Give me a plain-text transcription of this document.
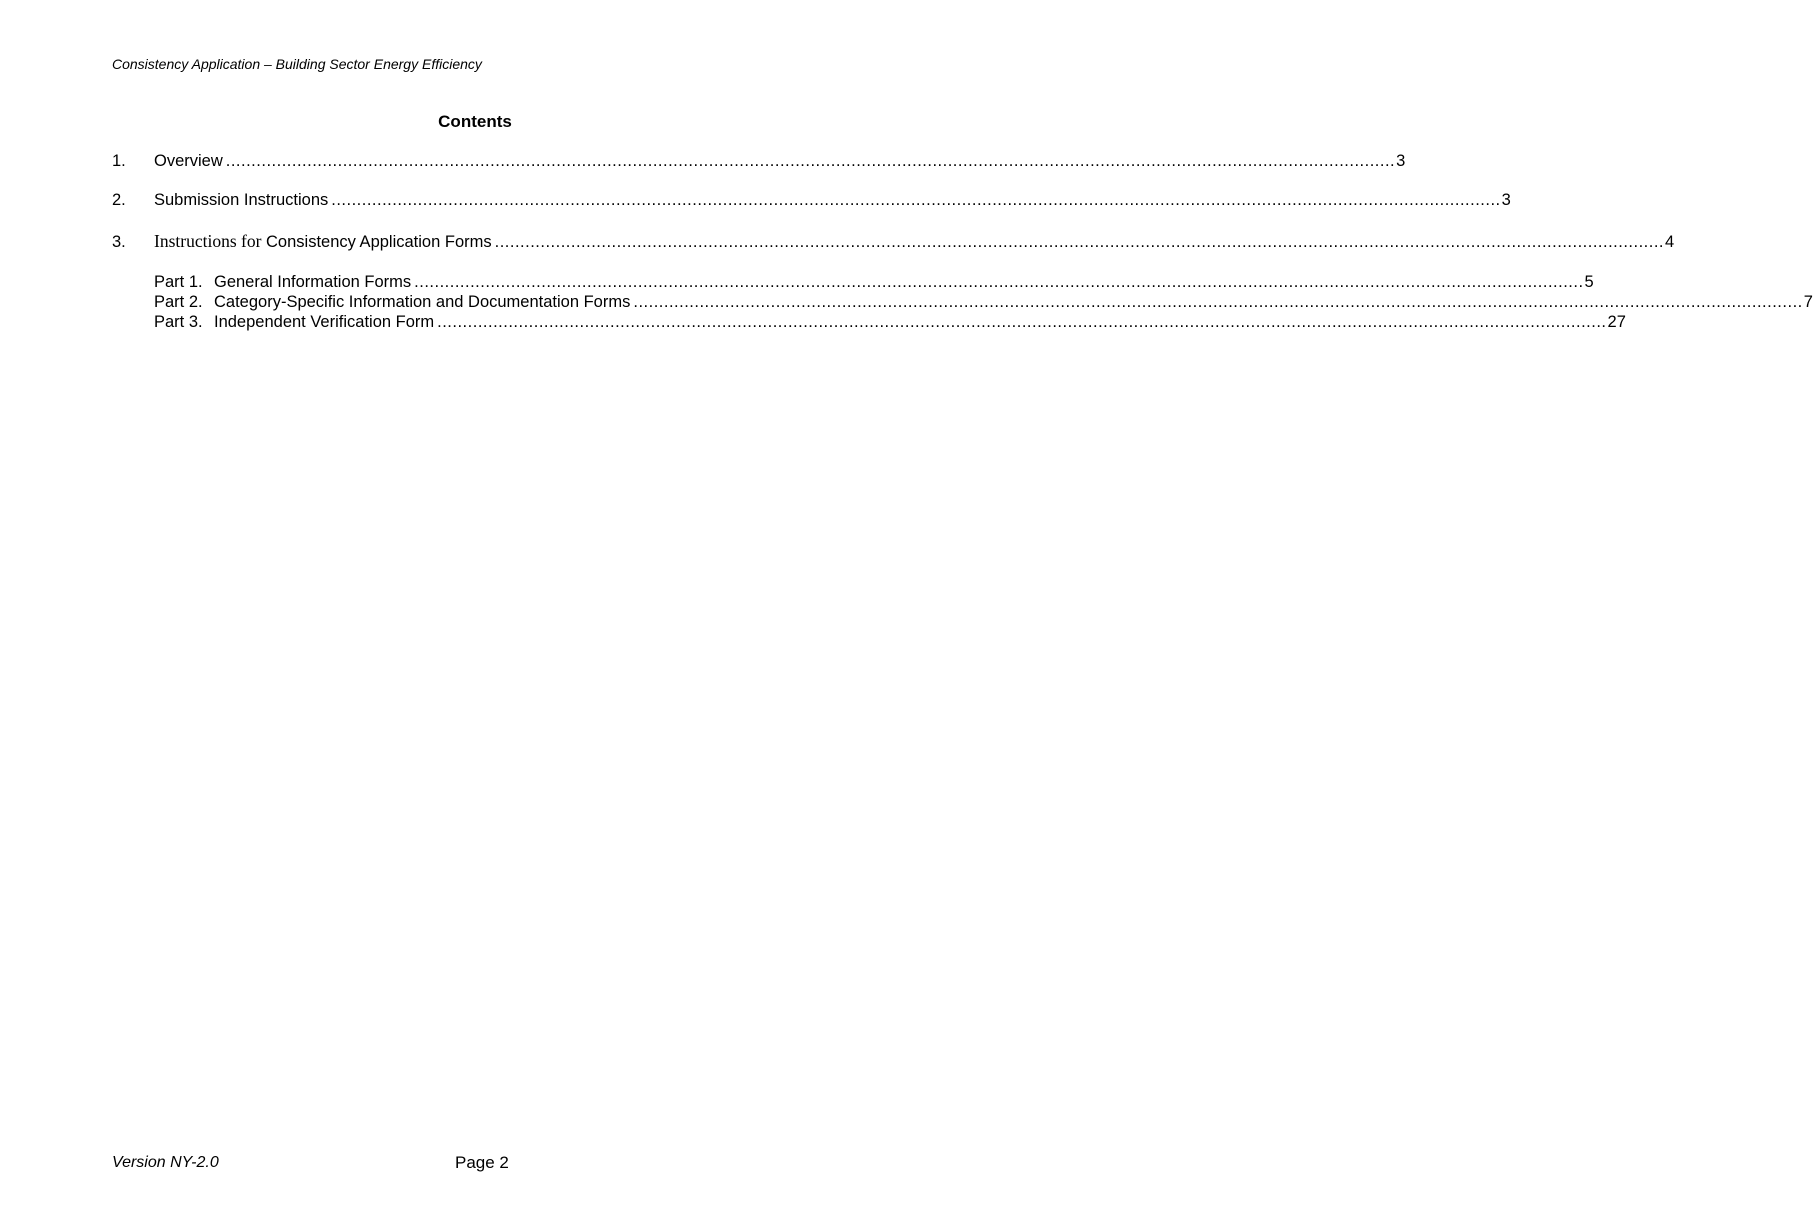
Consistency Application – Building Sector Energy Efficiency
Contents
1.	Overview ...................................................................................................................................................................................................................................... 3
2.	Submission Instructions ...................................................................................................................................................................................................................................... 3
3.	Instructions for Consistency Application Forms ...................................................................................................................................................................................................................................... 4
Part 1. General Information Forms ...................................................................................................................................................................................................................................... 5
Part 2. Category-Specific Information and Documentation Forms ...................................................................................................................................................................................................................................... 7
Part 3. Independent Verification Form ...................................................................................................................................................................................................................................... 27
Version NY-2.0	Page 2
